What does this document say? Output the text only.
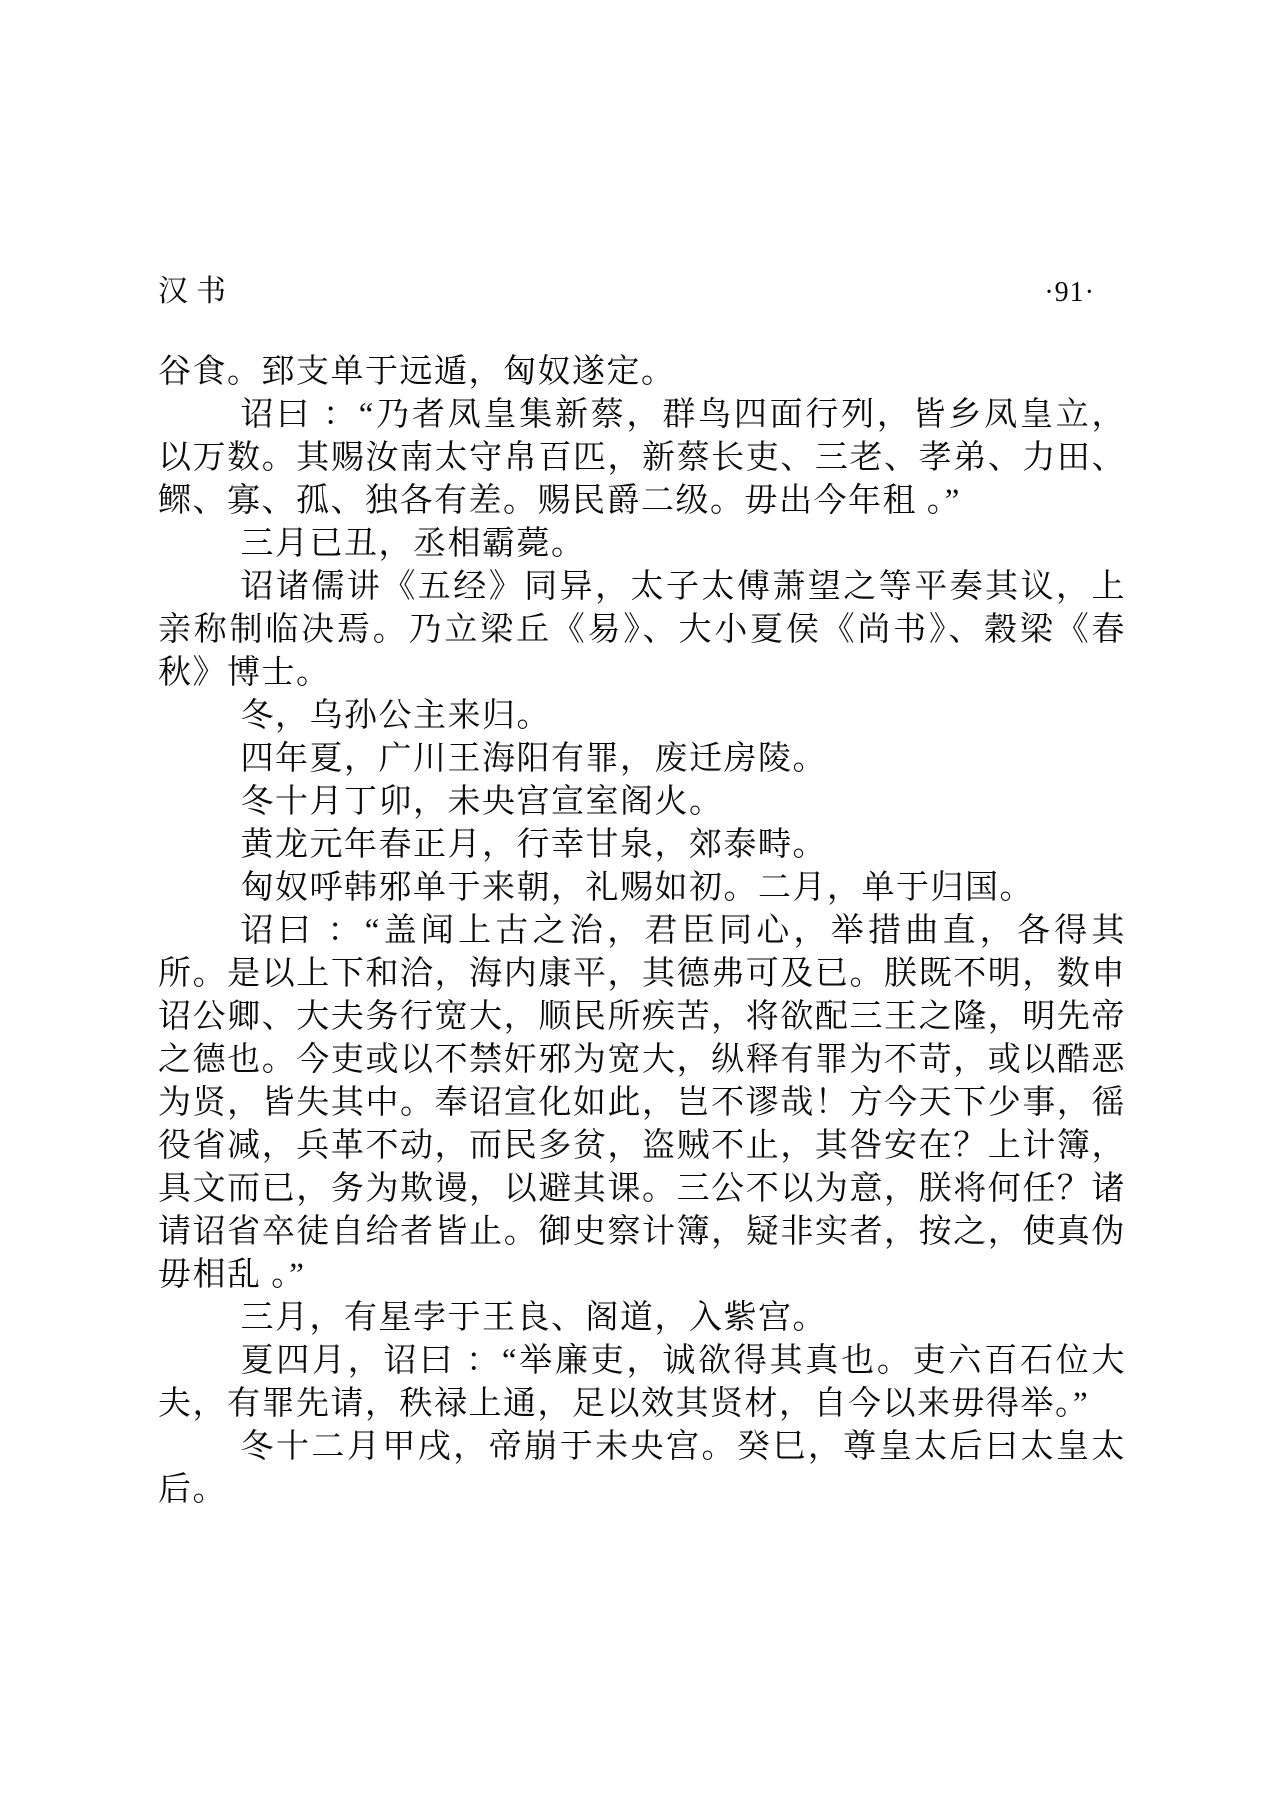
汉书	·91·

谷食。郅支单于远遁，匈奴遂定。

诏曰 ：“乃者凤皇集新蔡，群鸟四面行列，皆乡凤皇立，以万数。其赐汝南太守帛百匹，新蔡长吏、三老、孝弟、力田、鳏、寡、孤、独各有差。赐民爵二级。毋出今年租 。”

三月已丑，丞相霸薨。

诏诸儒讲《五经》同异，太子太傅萧望之等平奏其议，上亲称制临决焉。乃立梁丘《易》、大小夏侯《尚书》、穀梁《春秋》博士。

冬，乌孙公主来归。

四年夏，广川王海阳有罪，废迁房陵。

冬十月丁卯，未央宫宣室阁火。

黄龙元年春正月，行幸甘泉，郊泰畤。

匈奴呼韩邪单于来朝，礼赐如初。二月，单于归国。

诏曰 ：“盖闻上古之治，君臣同心，举措曲直，各得其所。是以上下和洽，海内康平，其德弗可及已。朕既不明，数申诏公卿、大夫务行宽大，顺民所疾苦，将欲配三王之隆，明先帝之德也。今吏或以不禁奸邪为宽大，纵释有罪为不苛，或以酷恶为贤，皆失其中。奉诏宣化如此，岂不谬哉！方今天下少事，徭役省减，兵革不动，而民多贫，盗贼不止，其咎安在？上计簿，具文而已，务为欺谩，以避其课。三公不以为意，朕将何任？诸请诏省卒徒自给者皆止。御史察计簿，疑非实者，按之，使真伪毋相乱 。”

三月，有星孛于王良、阁道，入紫宫。

夏四月，诏曰 ：“举廉吏，诚欲得其真也。吏六百石位大夫，有罪先请，秩禄上通，足以效其贤材，自今以来毋得举。”

冬十二月甲戌，帝崩于未央宫。癸巳，尊皇太后曰太皇太后。
